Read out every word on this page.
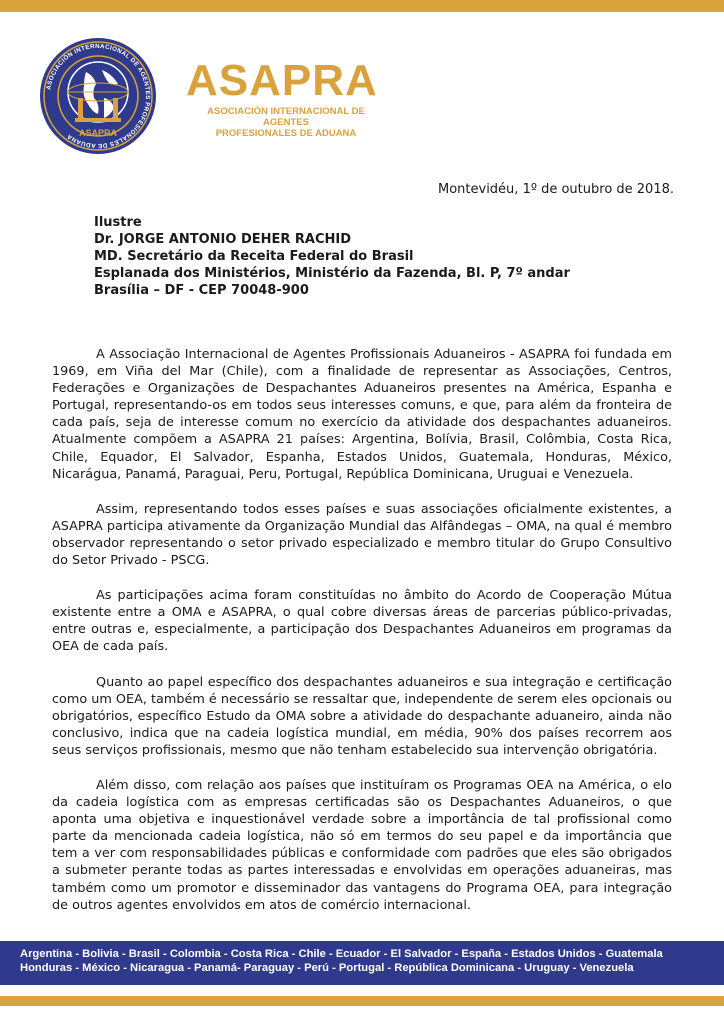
ASOCIACIÓN INTERNACIONAL DE AGENTES PROFESIONALES DE ADUANA ASAPRA
ASAPRA
ASOCIACIÓN INTERNACIONAL DE AGENTES
PROFESIONALES DE ADUANA
Montevidéu, 1º de outubro de 2018.
Ilustre
Dr. JORGE ANTONIO DEHER RACHID
MD. Secretário da Receita Federal do Brasil
Esplanada dos Ministérios, Ministério da Fazenda, Bl. P, 7º andar
Brasília – DF - CEP 70048-900

A Associação Internacional de Agentes Profissionais Aduaneiros - ASAPRA foi fundada em 1969, em Viña del Mar (Chile), com a finalidade de representar as Associações, Centros, Federações e Organizações de Despachantes Aduaneiros presentes na América, Espanha e Portugal, representando-os em todos seus interesses comuns, e que, para além da fronteira de cada país, seja de interesse comum no exercício da atividade dos despachantes aduaneiros. Atualmente compõem a ASAPRA 21 países: Argentina, Bolívia, Brasil, Colômbia, Costa Rica, Chile, Equador, El Salvador, Espanha, Estados Unidos, Guatemala, Honduras, México, Nicarágua, Panamá, Paraguai, Peru, Portugal, República Dominicana, Uruguai e Venezuela.

Assim, representando todos esses países e suas associações oficialmente existentes, a ASAPRA participa ativamente da Organização Mundial das Alfândegas – OMA, na qual é membro observador representando o setor privado especializado e membro titular do Grupo Consultivo do Setor Privado - PSCG.

As participações acima foram constituídas no âmbito do Acordo de Cooperação Mútua existente entre a OMA e ASAPRA, o qual cobre diversas áreas de parcerias público-privadas, entre outras e, especialmente, a participação dos Despachantes Aduaneiros em programas da OEA de cada país.

Quanto ao papel específico dos despachantes aduaneiros e sua integração e certificação como um OEA, também é necessário se ressaltar que, independente de serem eles opcionais ou obrigatórios, específico Estudo da OMA sobre a atividade do despachante aduaneiro, ainda não conclusivo, indica que na cadeia logística mundial, em média, 90% dos países recorrem aos seus serviços profissionais, mesmo que não tenham estabelecido sua intervenção obrigatória.

Além disso, com relação aos países que instituíram os Programas OEA na América, o elo da cadeia logística com as empresas certificadas são os Despachantes Aduaneiros, o que aponta uma objetiva e inquestionável verdade sobre a importância de tal profissional como parte da mencionada cadeia logística, não só em termos do seu papel e da importância que tem a ver com responsabilidades públicas e conformidade com padrões que eles são obrigados a submeter perante todas as partes interessadas e envolvidas em operações aduaneiras, mas também como um promotor e disseminador das vantagens do Programa OEA, para integração de outros agentes envolvidos em atos de comércio internacional.

Argentina - Bolivia - Brasil - Colombia - Costa Rica - Chile - Ecuador - El Salvador - España - Estados Unidos - Guatemala
Honduras - México - Nicaragua - Panamá- Paraguay - Perú - Portugal - República Dominicana - Uruguay - Venezuela
